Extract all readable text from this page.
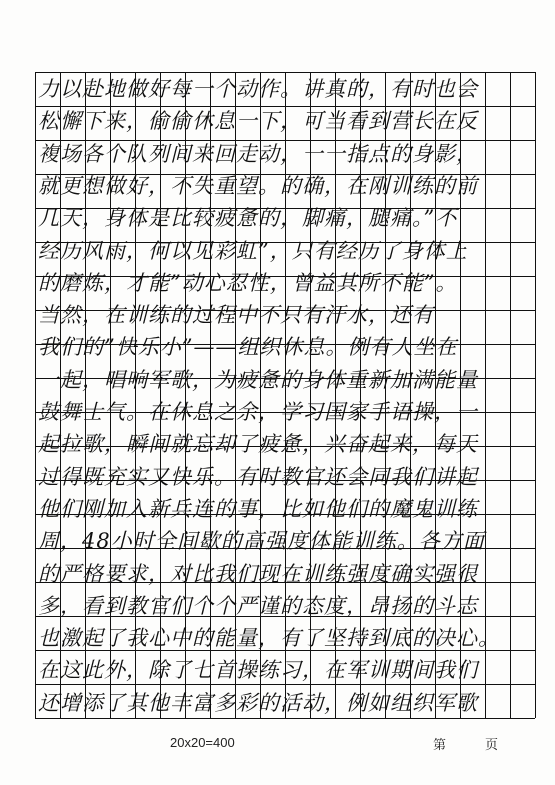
力以赴地做好每一个动作。讲真的，有时也会
松懈下来，偷偷休息一下，可当看到营长在反
複场各个队列间来回走动，一一指点的身影，
就更想做好，不失重望。的确，在刚训练的前
几天，身体是比较疲惫的，脚痛，腿痛。”不
经历风雨，何以见彩虹”，只有经历了身体上
的磨炼，才能”动心忍性，曾益其所不能”。
当然，在训练的过程中不只有汗水，还有
我们的”快乐小”——组织休息。例有人坐在
一起，唱响军歌，为疲惫的身体重新加满能量
鼓舞士气。在休息之余，学习国家手语操，一
起拉歌，瞬间就忘却了疲惫，兴奋起来，每天
过得既充实又快乐。有时教官还会同我们讲起
他们刚加入新兵连的事，比如他们的魔鬼训练
周，48小时全间歇的高强度体能训练。各方面
的严格要求，对比我们现在训练强度确实强很
多，看到教官们个个严谨的态度，昂扬的斗志
也激起了我心中的能量，有了坚持到底的决心。
在这此外，除了七首操练习，在军训期间我们
还增添了其他丰富多彩的活动，例如组织军歌
20x20=400	第	页
